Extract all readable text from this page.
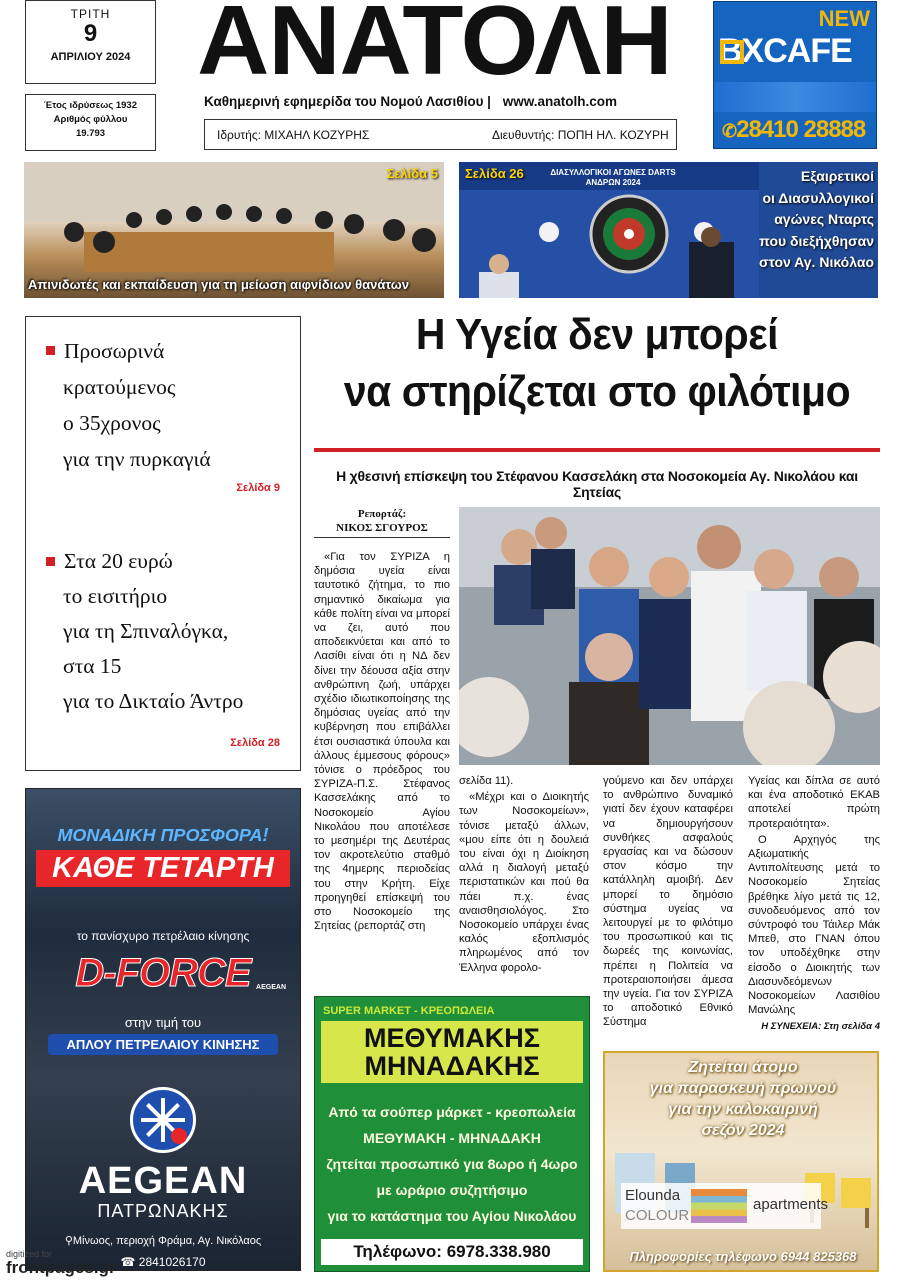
ΤΡΙΤΗ
9
ΑΠΡΙΛΙΟΥ 2024
Έτος ιδρύσεως 1932
Αριθμός φύλλου
19.793
ΑΝΑΤΟΛΗ
Καθημερινή εφημερίδα του Νομού Λασιθίου | www.anatolh.com
Ιδρυτής: ΜΙΧΑΗΛ ΚΟΖΥΡΗΣ	Διευθυντής: ΠΟΠΗ ΗΛ. ΚΟΖΥΡΗ
NEW
BXCAFE
✆28410 28888
Σελίδα 5
Απινιδωτές και εκπαίδευση για τη μείωση αιφνίδιων θανάτων
Σελίδα 26	ΔΙΑΣΥΛΛΟΓΙΚΟΙ ΑΓΩΝΕΣ DARTS ΑΝΔΡΩΝ 2024	Εξαιρετικοί
οι Διασυλλογικοί
αγώνες Νταρτς
που διεξήχθησαν
στον Αγ. Νικόλαο
Προσωρινά
κρατούμενος
ο 35χρονος
για την πυρκαγιά
Σελίδα 9
Στα 20 ευρώ
το εισιτήριο
για τη Σπιναλόγκα,
στα 15
για το Δικταίο Άντρο
Σελίδα 28
Η Υγεία δεν μπορεί
να στηρίζεται στο φιλότιμο
Η χθεσινή επίσκεψη του Στέφανου Κασσελάκη στα Νοσοκομεία Αγ. Νικολάου και Σητείας
Ρεπορτάζ:
ΝΙΚΟΣ ΣΓΟΥΡΟΣ

«Για τον ΣΥΡΙΖΑ η δημόσια υγεία είναι ταυτοτικό ζήτημα, το πιο σημαντικό δικαίωμα για κάθε πολίτη είναι να μπορεί να ζει, αυτό που αποδεικνύεται και από το Λασίθι είναι ότι η ΝΔ δεν δίνει την δέουσα αξία στην ανθρώπινη ζωή, υπάρχει σχέδιο ιδιωτικοποίησης της δημόσιας υγείας από την κυβέρνηση που επιβάλλει έτσι ουσιαστικά ύπουλα και άλλους έμμεσους φόρους» τόνισε ο πρόεδρος του ΣΥΡΙΖΑ-Π.Σ. Στέφανος Κασσελάκης από το Νοσοκομείο Αγίου Νικολάου που αποτέλεσε το μεσημέρι της Δευτέρας τον ακροτελεύτιο σταθμό της 4ημερης περιοδείας του στην Κρήτη. Είχε προηγηθεί επίσκεψή του στο Νοσοκομείο της Σητείας (ρεπορτάζ στη

σελίδα 11).

«Μέχρι και ο Διοικητής των Νοσοκομείων», τόνισε μεταξύ άλλων, «μου είπε ότι η δουλειά του είναι όχι η Διοίκηση αλλά η διαλογή μεταξύ περιστατικών και πού θα πάει π.χ. ένας αναισθησιολόγος. Στο Νοσοκομείο υπάρχει ένας καλός εξοπλισμός πληρωμένος από τον Έλληνα φορολο-

γούμενο και δεν υπάρχει το ανθρώπινο δυναμικό γιατί δεν έχουν καταφέρει να δημιουργήσουν συνθήκες ασφαλούς εργασίας και να δώσουν στον κόσμο την κατάλληλη αμοιβή. Δεν μπορεί το δημόσιο σύστημα υγείας να λειτουργεί με το φιλότιμο του προσωπικού και τις δωρεές της κοινωνίας, πρέπει η Πολιτεία να προτεραιοποιήσει άμεσα την υγεία. Για τον ΣΥΡΙΖΑ το αποδοτικό Εθνικό Σύστημα

Υγείας και δίπλα σε αυτό και ένα αποδοτικό ΕΚΑΒ αποτελεί πρώτη προτεραιότητα».

Ο Αρχηγός της Αξιωματικής Αντιπολίτευσης μετά το Νοσοκομείο Σητείας βρέθηκε λίγο μετά τις 12, συνοδευόμενος από τον σύντροφό του Τάιλερ Μάκ Μπεθ, στο ΓΝΑΝ όπου τον υποδέχθηκε στην είσοδο ο Διοικητής των Διασυνδεόμενων Νοσοκομείων Λασιθίου Μανώλης

Η ΣΥΝΕΧΕΙΑ: Στη σελίδα 4
ΜΟΝΑΔΙΚΗ ΠΡΟΣΦΟΡΑ!
ΚΑΘΕ ΤΕΤΑΡΤΗ
το πανίσχυρο πετρέλαιο κίνησης
D-FORCE AEGEAN
στην τιμή του
ΑΠΛΟΥ ΠΕΤΡΕΛΑΙΟΥ ΚΙΝΗΣΗΣ
AEGEAN
ΠΑΤΡΩΝΑΚΗΣ
⚲Μίνωος, περιοχή Φράμα, Αγ. Νικόλαος
☎ 2841026170
SUPER MARKET - ΚΡΕΟΠΩΛΕΙΑ
ΜΕΘΥΜΑΚΗΣ
ΜΗΝΑΔΑΚΗΣ
Από τα σούπερ μάρκετ - κρεοπωλεία
ΜΕΘΥΜΑΚΗ - ΜΗΝΑΔΑΚΗ
ζητείται προσωπικό για 8ωρο ή 4ωρο
με ωράριο συζητήσιμο
για το κατάστημα του Αγίου Νικολάου
Τηλέφωνο: 6978.338.980
Ζητείται άτομο
για παρασκευή πρωινού
για την καλοκαιρινή
σεζόν 2024
Elounda
COLOUR
apartments
Πληροφορίες τηλέφωνο 6944 825368
digitized for
frontpages.gr
